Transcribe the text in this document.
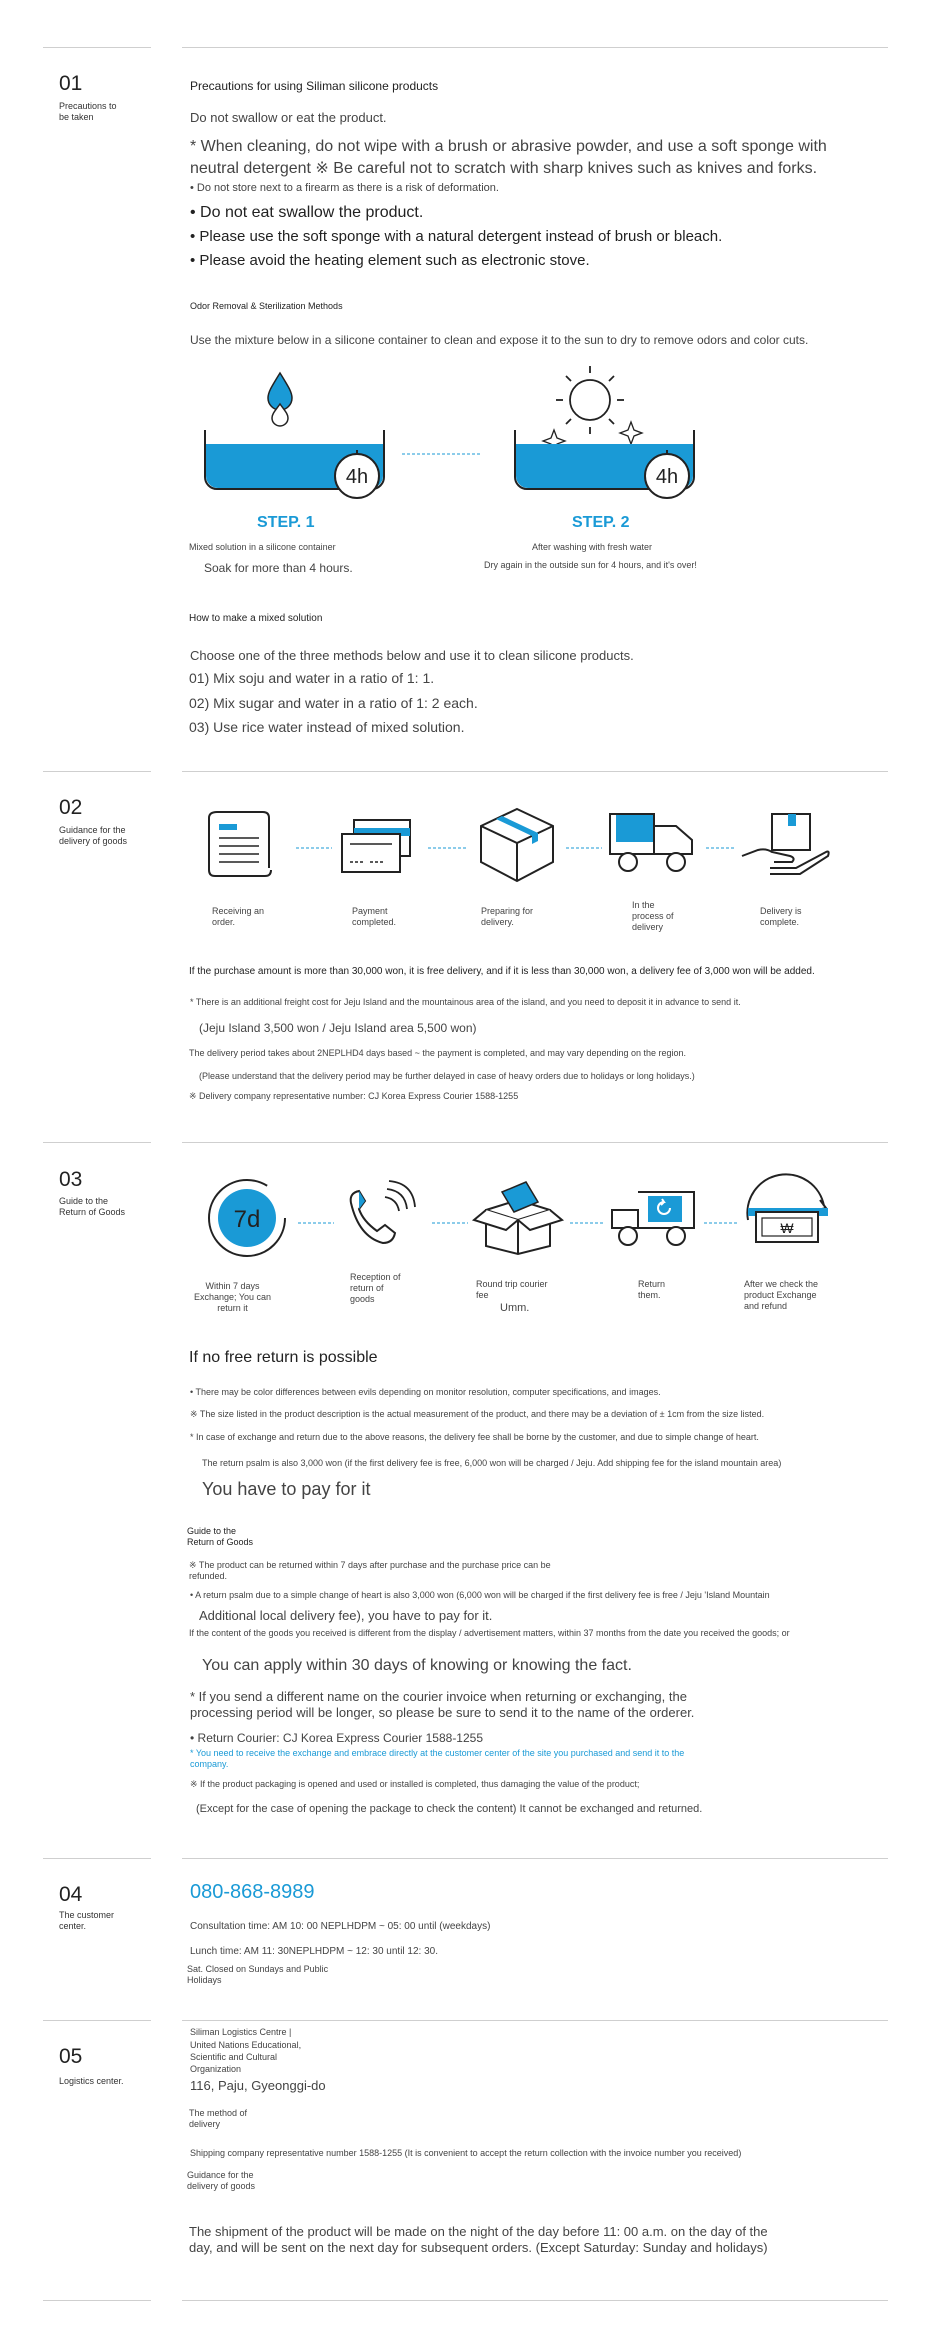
01
Precautions to be taken
Precautions for using Siliman silicone products
Do not swallow or eat the product.
* When cleaning, do not wipe with a brush or abrasive powder, and use a soft sponge with
neutral detergent ※ Be careful not to scratch with sharp knives such as knives and forks.
• Do not store next to a firearm as there is a risk of deformation.
• Do not eat swallow the product.
• Please use the soft sponge with a natural detergent instead of brush or bleach.
• Please avoid the heating element such as electronic stove.
Odor Removal & Sterilization Methods
Use the mixture below in a silicone container to clean and expose it to the sun to dry to remove odors and color cuts.
4h	4h
STEP. 1
Mixed solution in a silicone container
Soak for more than 4 hours.
STEP. 2
After washing with fresh water
Dry again in the outside sun for 4 hours, and it's over!
How to make a mixed solution
Choose one of the three methods below and use it to clean silicone products.
01) Mix soju and water in a ratio of 1: 1.
02) Mix sugar and water in a ratio of 1: 2 each.
03) Use rice water instead of mixed solution.
02
Guidance for the delivery of goods
Receiving an order.
Payment completed.
Preparing for delivery.
In the process of delivery
Delivery is complete.
If the purchase amount is more than 30,000 won, it is free delivery, and if it is less than 30,000 won, a delivery fee of 3,000 won will be added.
* There is an additional freight cost for Jeju Island and the mountainous area of the island, and you need to deposit it in advance to send it.
(Jeju Island 3,500 won / Jeju Island area 5,500 won)
The delivery period takes about 2NEPLHD4 days based ~ the payment is completed, and may vary depending on the region.
(Please understand that the delivery period may be further delayed in case of heavy orders due to holidays or long holidays.)
※ Delivery company representative number: CJ Korea Express Courier 1588-1255
03
Guide to the Return of Goods	7d	₩
Within 7 days Exchange; You can return it
Reception of return of goods
Round trip courier fee
Umm.
Return them.
After we check the product Exchange and refund
If no free return is possible
• There may be color differences between evils depending on monitor resolution, computer specifications, and images.
※ The size listed in the product description is the actual measurement of the product, and there may be a deviation of ± 1cm from the size listed.
* In case of exchange and return due to the above reasons, the delivery fee shall be borne by the customer, and due to simple change of heart.
The return psalm is also 3,000 won (if the first delivery fee is free, 6,000 won will be charged / Jeju. Add shipping fee for the island mountain area)
You have to pay for it
Guide to the Return of Goods
※ The product can be returned within 7 days after purchase and the purchase price can be refunded.
• A return psalm due to a simple change of heart is also 3,000 won (6,000 won will be charged if the first delivery fee is free / Jeju 'Island Mountain
Additional local delivery fee), you have to pay for it.
If the content of the goods you received is different from the display / advertisement matters, within 37 months from the date you received the goods; or
You can apply within 30 days of knowing or knowing the fact.
* If you send a different name on the courier invoice when returning or exchanging, the
processing period will be longer, so please be sure to send it to the name of the orderer.
• Return Courier: CJ Korea Express Courier 1588-1255
* You need to receive the exchange and embrace directly at the customer center of the site you purchased and send it to the
company.
※ If the product packaging is opened and used or installed is completed, thus damaging the value of the product;
(Except for the case of opening the package to check the content) It cannot be exchanged and returned.
04
The customer center.
080-868-8989
Consultation time: AM 10: 00 NEPLHDPM ~ 05: 00 until (weekdays)
Lunch time: AM 11: 30NEPLHDPM ~ 12: 30 until 12: 30.
Sat. Closed on Sundays and Public Holidays
05
Logistics center.
Siliman Logistics Centre |
United Nations Educational,
Scientific and Cultural
Organization
116, Paju, Gyeonggi-do
The method of delivery
Shipping company representative number 1588-1255 (It is convenient to accept the return collection with the invoice number you received)
Guidance for the delivery of goods
The shipment of the product will be made on the night of the day before 11: 00 a.m. on the day of the
day, and will be sent on the next day for subsequent orders. (Except Saturday: Sunday and holidays)
